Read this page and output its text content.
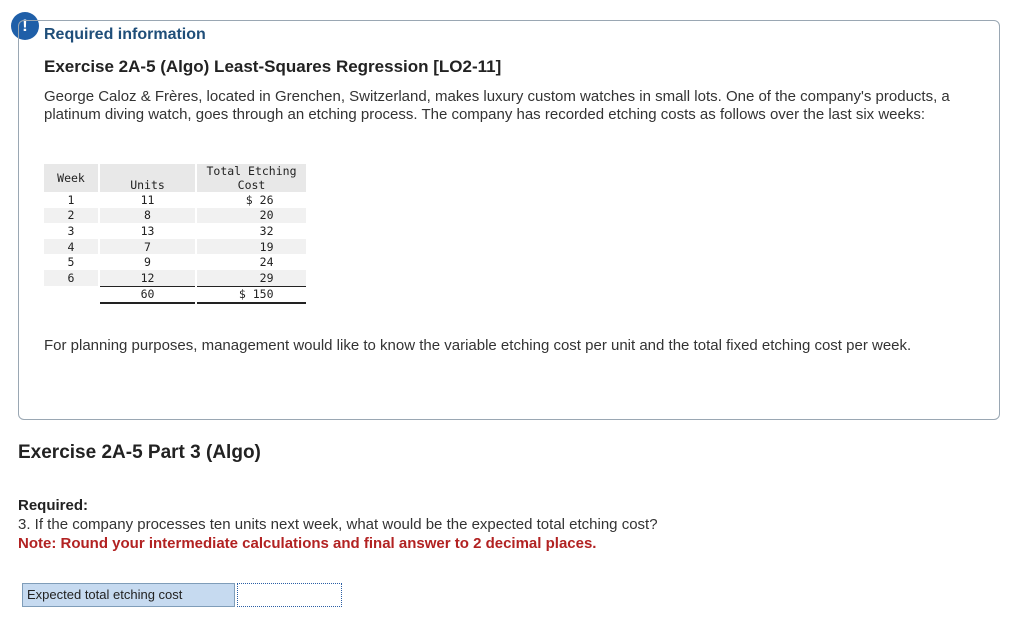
!	Required information
Exercise 2A-5 (Algo) Least-Squares Regression [LO2-11]
George Caloz & Frères, located in Grenchen, Switzerland, makes luxury custom watches in small lots. One of the company's products, a platinum diving watch, goes through an etching process. The company has recorded etching costs as follows over the last six weeks:
Week		Units		Total Etching
Cost

1		11		$ 26
2		8		20
3		13		32
4		7		19
5		9		24
6		12		29
		60		$ 150
For planning purposes, management would like to know the variable etching cost per unit and the total fixed etching cost per week.
Exercise 2A-5 Part 3 (Algo)
Required:
3. If the company processes ten units next week, what would be the expected total etching cost?
Note: Round your intermediate calculations and final answer to 2 decimal places.
Expected total etching cost
